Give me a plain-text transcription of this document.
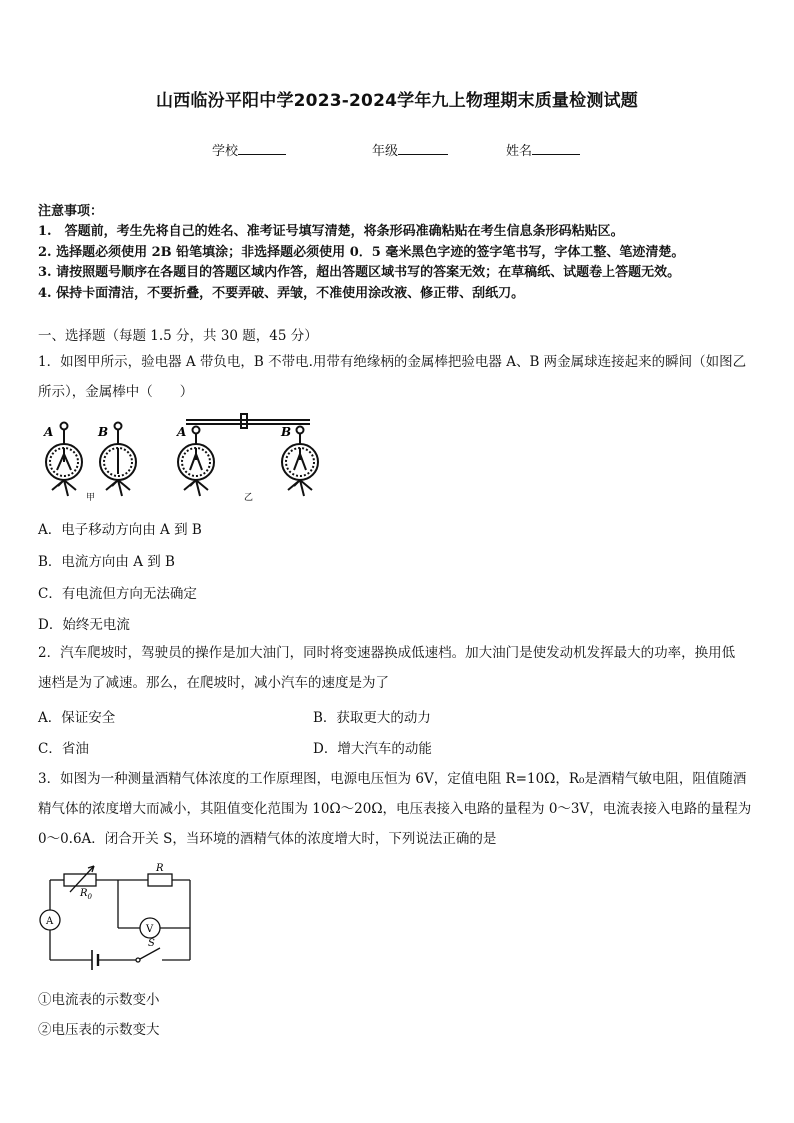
山西临汾平阳中学2023-2024学年九上物理期末质量检测试题
学校	年级	姓名
注意事项：
1.　答题前，考生先将自己的姓名、准考证号填写清楚，将条形码准确粘贴在考生信息条形码粘贴区。
2. 选择题必须使用 2B 铅笔填涂；非选择题必须使用 0．5 毫米黑色字迹的签字笔书写，字体工整、笔迹清楚。
3. 请按照题号顺序在各题目的答题区域内作答，超出答题区域书写的答案无效；在草稿纸、试题卷上答题无效。
4. 保持卡面清洁，不要折叠，不要弄破、弄皱，不准使用涂改液、修正带、刮纸刀。
一、选择题（每题 1.5 分，共 30 题，45 分）
1．如图甲所示，验电器 A 带负电，B 不带电.用带有绝缘柄的金属棒把验电器 A、B 两金属球连接起来的瞬间（如图乙
所示），金属棒中（　　）
A	B	A	B
甲	乙
A．电子移动方向由 A 到 B
B．电流方向由 A 到 B
C．有电流但方向无法确定
D．始终无电流
2．汽车爬坡时，驾驶员的操作是加大油门，同时将变速器换成低速档。加大油门是使发动机发挥最大的功率，换用低
速档是为了减速。那么，在爬坡时，减小汽车的速度是为了
A．保证安全	B．获取更大的动力
C．省油	D．增大汽车的动能
3．如图为一种测量酒精气体浓度的工作原理图，电源电压恒为 6V，定值电阻 R=10Ω，R₀是酒精气敏电阻，阻值随酒
精气体的浓度增大而减小，其阻值变化范围为 10Ω～20Ω，电压表接入电路的量程为 0～3V，电流表接入电路的量程为
0～0.6A．闭合开关 S，当环境的酒精气体的浓度增大时，下列说法正确的是
$R_0$
R
V
A
S
①电流表的示数变小
②电压表的示数变大
